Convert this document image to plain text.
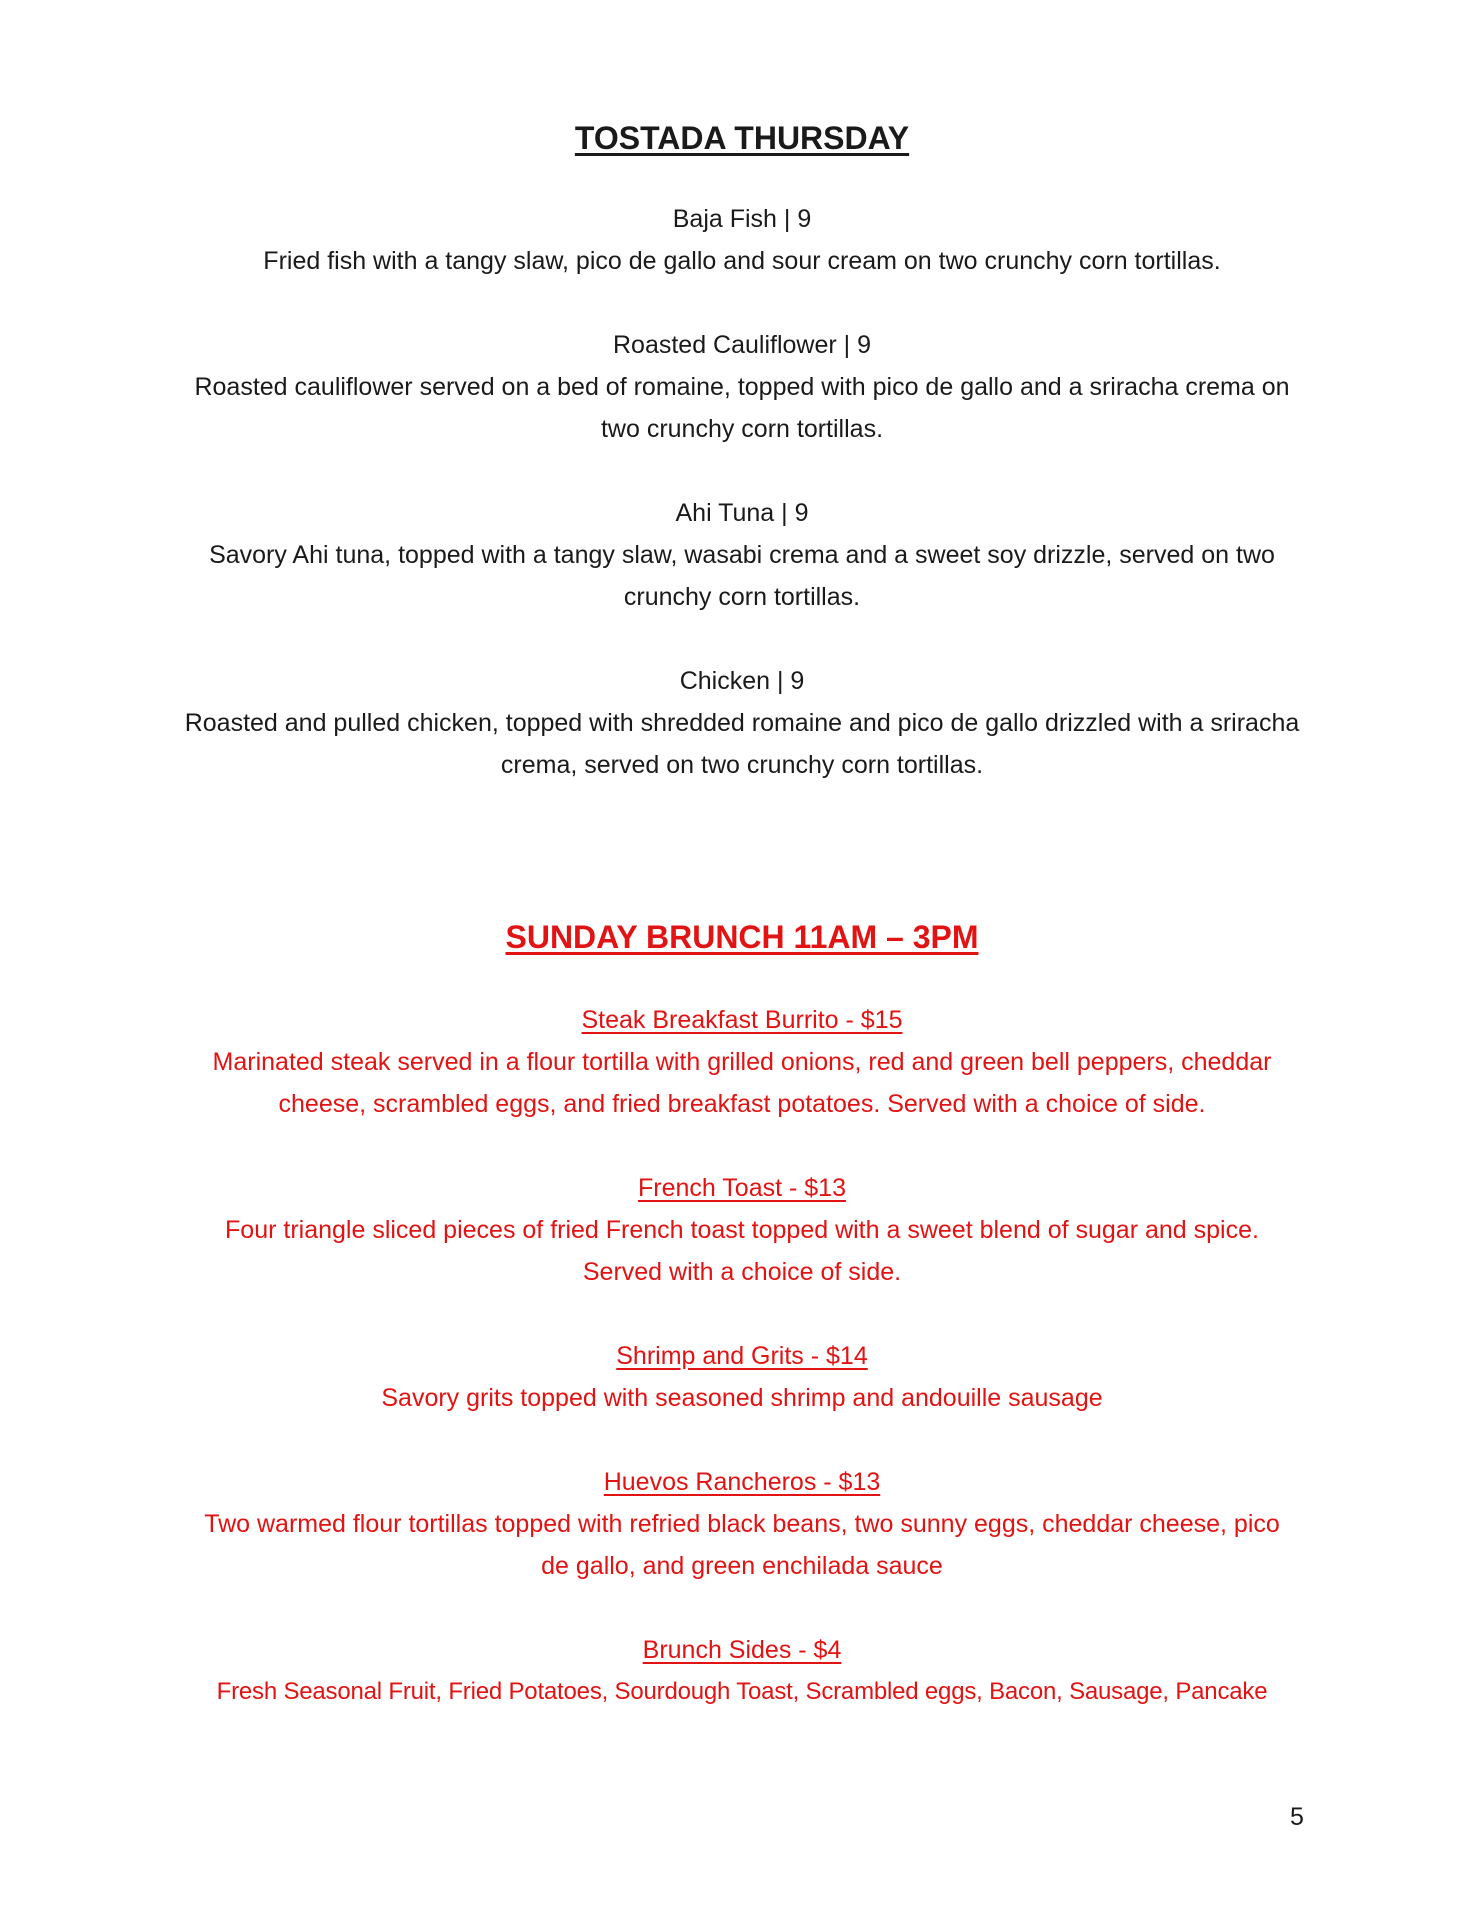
TOSTADA THURSDAY

Baja Fish | 9

Fried fish with a tangy slaw, pico de gallo and sour cream on two crunchy corn tortillas.

Roasted Cauliflower | 9

Roasted cauliflower served on a bed of romaine, topped with pico de gallo and a sriracha crema on two crunchy corn tortillas.

Ahi Tuna | 9

Savory Ahi tuna, topped with a tangy slaw, wasabi crema and a sweet soy drizzle, served on two crunchy corn tortillas.

Chicken | 9

Roasted and pulled chicken, topped with shredded romaine and pico de gallo drizzled with a sriracha crema, served on two crunchy corn tortillas.

SUNDAY BRUNCH 11AM – 3PM

Steak Breakfast Burrito - $15

Marinated steak served in a flour tortilla with grilled onions, red and green bell peppers, cheddar cheese, scrambled eggs, and fried breakfast potatoes. Served with a choice of side.

French Toast - $13

Four triangle sliced pieces of fried French toast topped with a sweet blend of sugar and spice. Served with a choice of side.

Shrimp and Grits - $14

Savory grits topped with seasoned shrimp and andouille sausage

Huevos Rancheros - $13

Two warmed flour tortillas topped with refried black beans, two sunny eggs, cheddar cheese, pico de gallo, and green enchilada sauce

Brunch Sides - $4

Fresh Seasonal Fruit, Fried Potatoes, Sourdough Toast, Scrambled eggs, Bacon, Sausage, Pancake

5
